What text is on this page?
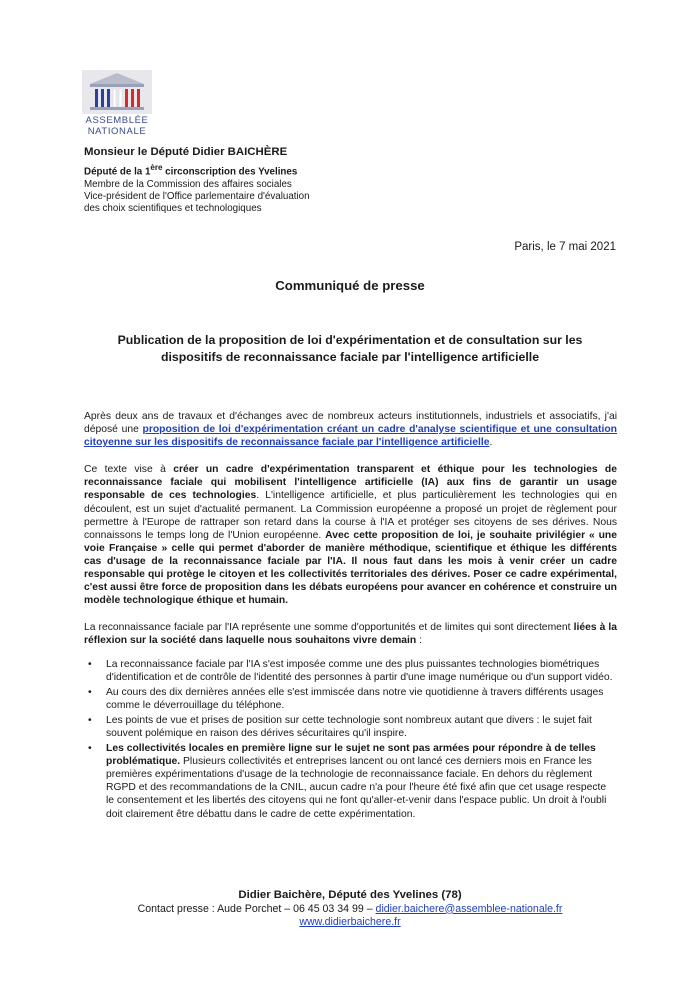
ASSEMBLÉE
NATIONALE
Monsieur le Député Didier BAICHÈRE
Député de la 1ère circonscription des Yvelines
Membre de la Commission des affaires sociales
Vice-président de l'Office parlementaire d'évaluation
des choix scientifiques et technologiques
Paris, le 7 mai 2021
Communiqué de presse
Publication de la proposition de loi d'expérimentation et de consultation sur les dispositifs de reconnaissance faciale par l'intelligence artificielle

Après deux ans de travaux et d'échanges avec de nombreux acteurs institutionnels, industriels et associatifs, j'ai déposé une proposition de loi d'expérimentation créant un cadre d'analyse scientifique et une consultation citoyenne sur les dispositifs de reconnaissance faciale par l'intelligence artificielle.

Ce texte vise à créer un cadre d'expérimentation transparent et éthique pour les technologies de reconnaissance faciale qui mobilisent l'intelligence artificielle (IA) aux fins de garantir un usage responsable de ces technologies. L'intelligence artificielle, et plus particulièrement les technologies qui en découlent, est un sujet d'actualité permanent. La Commission européenne a proposé un projet de règlement pour permettre à l'Europe de rattraper son retard dans la course à l'IA et protéger ses citoyens de ses dérives. Nous connaissons le temps long de l'Union européenne. Avec cette proposition de loi, je souhaite privilégier « une voie Française » celle qui permet d'aborder de manière méthodique, scientifique et éthique les différents cas d'usage de la reconnaissance faciale par l'IA. Il nous faut dans les mois à venir créer un cadre responsable qui protège le citoyen et les collectivités territoriales des dérives. Poser ce cadre expérimental, c'est aussi être force de proposition dans les débats européens pour avancer en cohérence et construire un modèle technologique éthique et humain.

La reconnaissance faciale par l'IA représente une somme d'opportunités et de limites qui sont directement liées à la réflexion sur la société dans laquelle nous souhaitons vivre demain :

• La reconnaissance faciale par l'IA s'est imposée comme une des plus puissantes technologies biométriques d'identification et de contrôle de l'identité des personnes à partir d'une image numérique ou d'un support vidéo.
• Au cours des dix dernières années elle s'est immiscée dans notre vie quotidienne à travers différents usages comme le déverrouillage du téléphone.
• Les points de vue et prises de position sur cette technologie sont nombreux autant que divers : le sujet fait souvent polémique en raison des dérives sécuritaires qu'il inspire.
• Les collectivités locales en première ligne sur le sujet ne sont pas armées pour répondre à de telles problématique. Plusieurs collectivités et entreprises lancent ou ont lancé ces derniers mois en France les premières expérimentations d'usage de la technologie de reconnaissance faciale. En dehors du règlement RGPD et des recommandations de la CNIL, aucun cadre n'a pour l'heure été fixé afin que cet usage respecte le consentement et les libertés des citoyens qui ne font qu'aller-et-venir dans l'espace public. Un droit à l'oubli doit clairement être débattu dans le cadre de cette expérimentation.
Didier Baichère, Député des Yvelines (78)
Contact presse : Aude Porchet – 06 45 03 34 99 – didier.baichere@assemblee-nationale.fr
www.didierbaichere.fr
